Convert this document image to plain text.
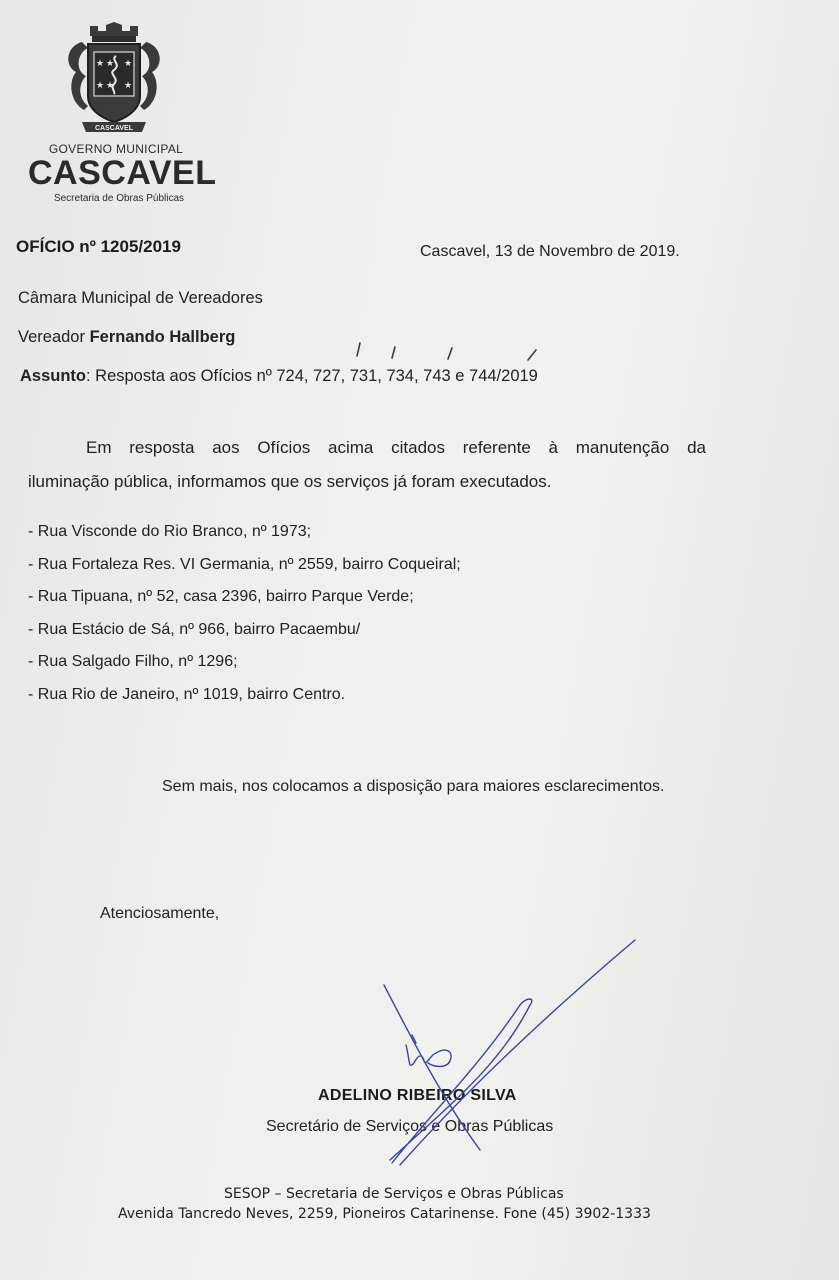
★ ★ ★
★ ★ ★
CASCAVEL
GOVERNO MUNICIPAL
CASCAVEL
Secretaria de Obras Públicas
OFÍCIO nº 1205/2019	Cascavel, 13 de Novembro de 2019.
Câmara Municipal de Vereadores
Vereador Fernando Hallberg
Assunto: Resposta aos Ofícios nº 724, 727, 731, 734, 743 e 744/2019
Em resposta aos Ofícios acima citados referente à manutenção da
iluminação pública, informamos que os serviços já foram executados.
- Rua Visconde do Rio Branco, nº 1973;
- Rua Fortaleza Res. VI Germania, nº 2559, bairro Coqueiral;
- Rua Tipuana, nº 52, casa 2396, bairro Parque Verde;
- Rua Estácio de Sá, nº 966, bairro Pacaembu/
- Rua Salgado Filho, nº 1296;
- Rua Rio de Janeiro, nº 1019, bairro Centro.
Sem mais, nos colocamos a disposição para maiores esclarecimentos.
Atenciosamente,
ADELINO RIBEIRO SILVA
Secretário de Serviços e Obras Públicas
SESOP – Secretaria de Serviços e Obras Públicas
Avenida Tancredo Neves, 2259, Pioneiros Catarinense. Fone (45) 3902-1333
